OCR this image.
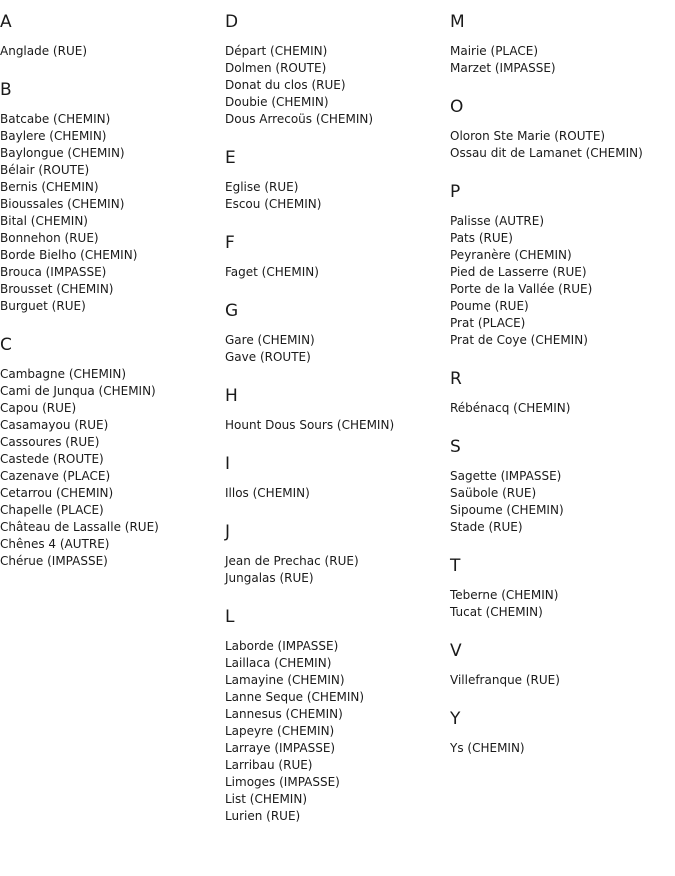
A
Anglade (RUE)
B
Batcabe (CHEMIN)
Baylere (CHEMIN)
Baylongue (CHEMIN)
Bélair (ROUTE)
Bernis (CHEMIN)
Bioussales (CHEMIN)
Bital (CHEMIN)
Bonnehon (RUE)
Borde Bielho (CHEMIN)
Brouca (IMPASSE)
Brousset (CHEMIN)
Burguet (RUE)
C
Cambagne (CHEMIN)
Cami de Junqua (CHEMIN)
Capou (RUE)
Casamayou (RUE)
Cassoures (RUE)
Castede (ROUTE)
Cazenave (PLACE)
Cetarrou (CHEMIN)
Chapelle (PLACE)
Château de Lassalle (RUE)
Chênes 4 (AUTRE)
Chérue (IMPASSE)
D
Départ (CHEMIN)
Dolmen (ROUTE)
Donat du clos (RUE)
Doubie (CHEMIN)
Dous Arrecoüs (CHEMIN)
E
Eglise (RUE)
Escou (CHEMIN)
F
Faget (CHEMIN)
G
Gare (CHEMIN)
Gave (ROUTE)
H
Hount Dous Sours (CHEMIN)
I
Illos (CHEMIN)
J
Jean de Prechac (RUE)
Jungalas (RUE)
L
Laborde (IMPASSE)
Laillaca (CHEMIN)
Lamayine (CHEMIN)
Lanne Seque (CHEMIN)
Lannesus (CHEMIN)
Lapeyre (CHEMIN)
Larraye (IMPASSE)
Larribau (RUE)
Limoges (IMPASSE)
List (CHEMIN)
Lurien (RUE)
M
Mairie (PLACE)
Marzet (IMPASSE)
O
Oloron Ste Marie (ROUTE)
Ossau dit de Lamanet (CHEMIN)
P
Palisse (AUTRE)
Pats (RUE)
Peyranère (CHEMIN)
Pied de Lasserre (RUE)
Porte de la Vallée (RUE)
Poume (RUE)
Prat (PLACE)
Prat de Coye (CHEMIN)
R
Rébénacq (CHEMIN)
S
Sagette (IMPASSE)
Saübole (RUE)
Sipoume (CHEMIN)
Stade (RUE)
T
Teberne (CHEMIN)
Tucat (CHEMIN)
V
Villefranque (RUE)
Y
Ys (CHEMIN)
